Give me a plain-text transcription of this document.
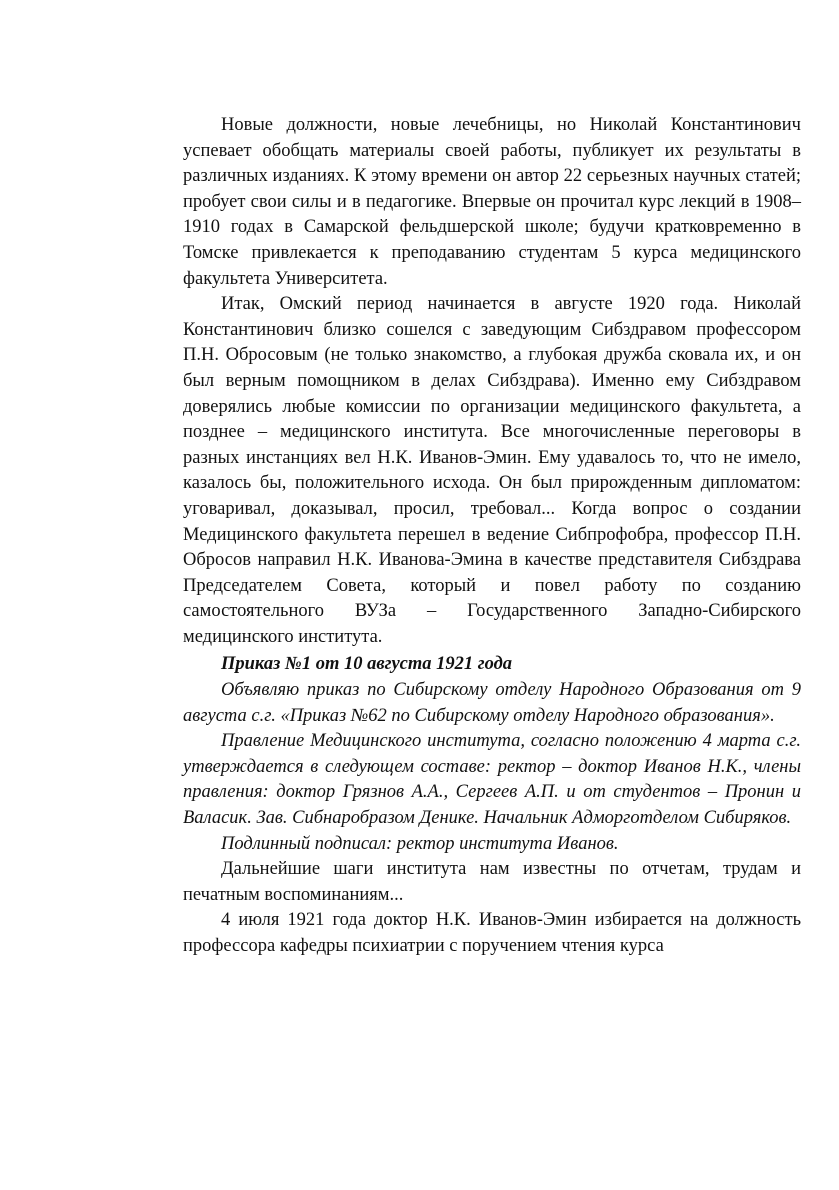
Новые должности, новые лечебницы, но Николай Константинович успевает обобщать материалы своей работы, публикует их результаты в различных изданиях. К этому времени он автор 22 серьезных научных статей; пробует свои силы и в педагогике. Впервые он прочитал курс лекций в 1908–1910 годах в Самарской фельдшерской школе; будучи кратковременно в Томске привлекается к преподаванию студентам 5 курса медицинского факультета Университета.

Итак, Омский период начинается в августе 1920 года. Николай Константинович близко сошелся с заведующим Сибздравом профессором П.Н. Обросовым (не только знакомство, а глубокая дружба сковала их, и он был верным помощником в делах Сибздрава). Именно ему Сибздравом доверялись любые комиссии по организации медицинского факультета, а позднее – медицинского института. Все многочисленные переговоры в разных инстанциях вел Н.К. Иванов-Эмин. Ему удавалось то, что не имело, казалось бы, положительного исхода. Он был прирожденным дипломатом: уговаривал, доказывал, просил, требовал... Когда вопрос о создании Медицинского факультета перешел в ведение Сибпрофобра, профессор П.Н. Обросов направил Н.К. Иванова-Эмина в качестве представителя Сибздрава Председателем Совета, который и повел работу по созданию самостоятельного ВУЗа – Государственного Западно-Сибирского медицинского института.

Приказ №1 от 10 августа 1921 года

Объявляю приказ по Сибирскому отделу Народного Образования от 9 августа с.г. «Приказ №62 по Сибирскому отделу Народного образования».

Правление Медицинского института, согласно положению 4 марта с.г. утверждается в следующем составе: ректор – доктор Иванов Н.К., члены правления: доктор Грязнов А.А., Сергеев А.П. и от студентов – Пронин и Валасик. Зав. Сибнаробразом Денике. Начальник Адморготделом Сибиряков.

Подлинный подписал: ректор института Иванов.

Дальнейшие шаги института нам известны по отчетам, трудам и печатным воспоминаниям...

4 июля 1921 года доктор Н.К. Иванов-Эмин избирается на должность профессора кафедры психиатрии с поручением чтения курса
